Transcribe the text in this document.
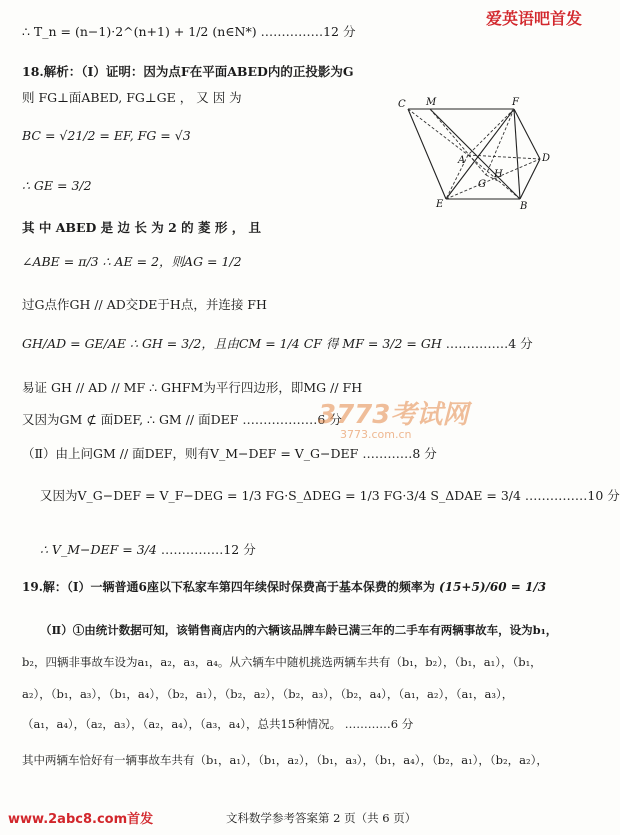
爱英语吧首发
∴ T_n = (n−1)·2^(n+1) + 1/2 (n∈N*) ……………12 分
18.解析：（Ⅰ）证明：因为点F在平面ABED内的正投影为G
则 FG⊥面ABED, FG⊥GE ， 又 因 为
BC = √21/2 = EF, FG = √3
∴ GE = 3/2
其 中 ABED 是 边 长 为 2 的 菱 形 ， 且
∠ABE = π/3 ∴ AE = 2，则AG = 1/2
过G点作GH // AD交DE于H点，并连接 FH
GH/AD = GE/AE ∴ GH = 3/2，且由CM = 1/4 CF 得 MF = 3/2 = GH ……………4 分
易证 GH // AD // MF ∴ GHFM为平行四边形，即MG // FH
又因为GM ⊄ 面DEF, ∴ GM // 面DEF ………………6 分
3773考试网
3773.com.cn
（Ⅱ）由上问GM // 面DEF，则有V_M−DEF = V_G−DEF …………8 分
又因为V_G−DEF = V_F−DEG = 1/3 FG·S_ΔDEG = 1/3 FG·3/4 S_ΔDAE = 3/4 ……………10 分
∴ V_M−DEF = 3/4 ……………12 分
19.解：（Ⅰ）一辆普通6座以下私家车第四年续保时保费高于基本保费的频率为 (15+5)/60 = 1/3
（Ⅱ）①由统计数据可知，该销售商店内的六辆该品牌车龄已满三年的二手车有两辆事故车，设为b₁，
b₂，四辆非事故车设为a₁，a₂，a₃，a₄。从六辆车中随机挑选两辆车共有（b₁，b₂），（b₁，a₁），（b₁，
a₂），（b₁，a₃），（b₁，a₄），（b₂，a₁），（b₂，a₂），（b₂，a₃），（b₂，a₄），（a₁，a₂），（a₁，a₃），
（a₁，a₄），（a₂，a₃），（a₂，a₄），（a₃，a₄），总共15种情况。 …………6 分
其中两辆车恰好有一辆事故车共有（b₁，a₁），（b₁，a₂），（b₁，a₃），（b₁，a₄），（b₂，a₁），（b₂，a₂），
www.2abc8.com首发	文科数学参考答案第 2 页（共 6 页）
C M	F
A
H
G
D
B
E
